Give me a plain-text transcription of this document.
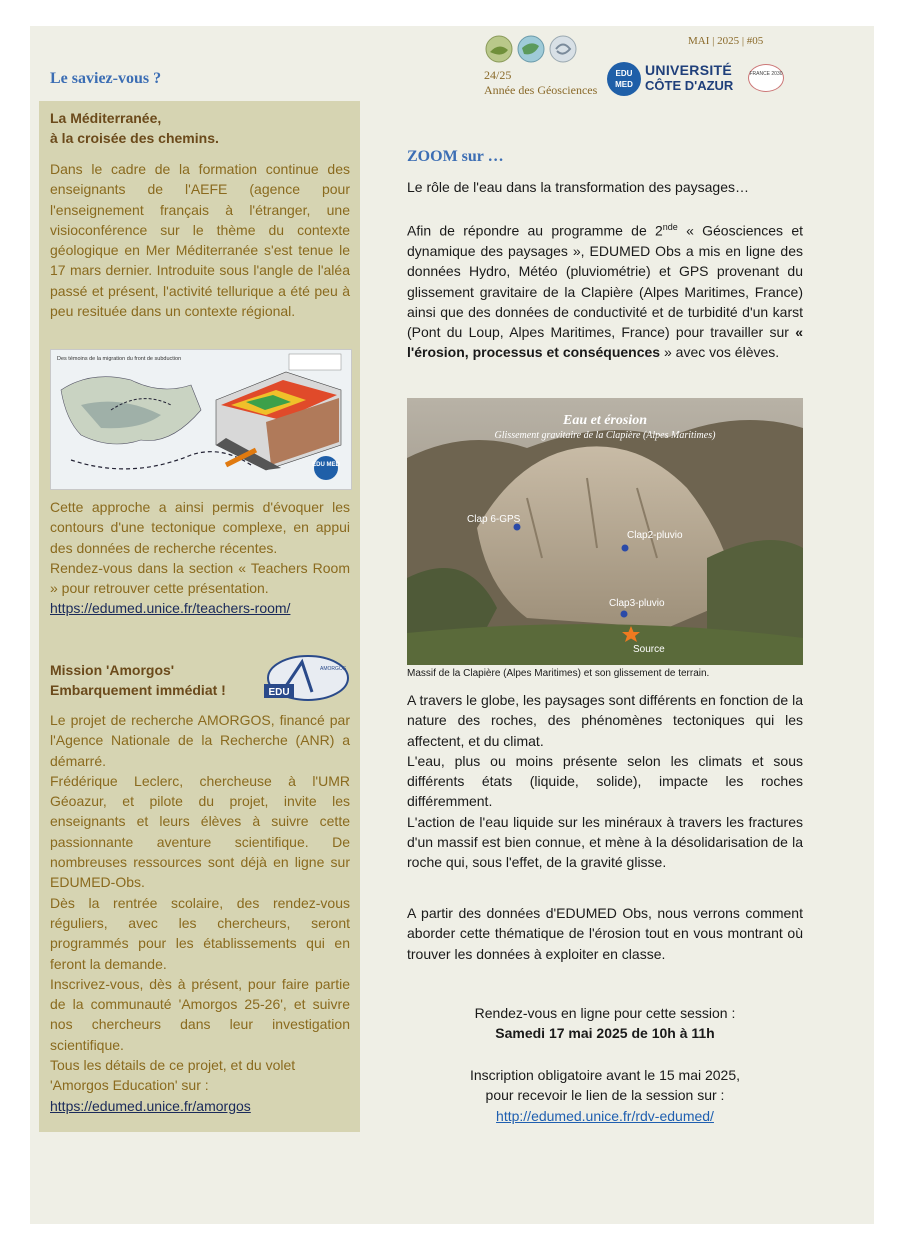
24/25
Année des Géosciences
MAI | 2025 | #05
EDU MED
UNIVERSITÉ
CÔTE D'AZUR
FRANCE 2030
Le saviez-vous ?
La Méditerranée,
à la croisée des chemins.
Dans le cadre de la formation continue des enseignants de l'AEFE (agence pour l'enseignement français à l'étranger, une visioconférence sur le thème du contexte géologique en Mer Méditerranée s'est tenue le 17 mars dernier. Introduite sous l'angle de l'aléa passé et présent, l'activité tellurique a été peu à peu resituée dans un contexte régional.
Des témoins de la migration du front de subduction
EDU MED
Cette approche a ainsi permis d'évoquer les contours d'une tectonique complexe, en appui des données de recherche récentes.
Rendez-vous dans la section « Teachers Room » pour retrouver cette présentation.
https://edumed.unice.fr/teachers-room/
Mission 'Amorgos'
Embarquement immédiat !
AMORGOS
EDU
Le projet de recherche AMORGOS, financé par l'Agence Nationale de la Recherche (ANR) a démarré.
Frédérique Leclerc, chercheuse à l'UMR Géoazur, et pilote du projet, invite les enseignants et leurs élèves à suivre cette passionnante aventure scientifique. De nombreuses ressources sont déjà en ligne sur EDUMED-Obs.
Dès la rentrée scolaire, des rendez-vous réguliers, avec les chercheurs, seront programmés pour les établissements qui en feront la demande.
Inscrivez-vous, dès à présent, pour faire partie de la communauté 'Amorgos 25-26', et suivre nos chercheurs dans leur investigation scientifique.
Tous les détails de ce projet, et du volet 'Amorgos Education' sur :
https://edumed.unice.fr/amorgos
ZOOM sur …
Le rôle de l'eau dans la transformation des paysages…
Afin de répondre au programme de 2nde « Géosciences et dynamique des paysages », EDUMED Obs a mis en ligne des données Hydro, Météo (pluviométrie) et GPS provenant du glissement gravitaire de la Clapière (Alpes Maritimes, France) ainsi que des données de conductivité et de turbidité d'un karst (Pont du Loup, Alpes Maritimes, France) pour travailler sur « l'érosion, processus et conséquences » avec vos élèves.
Eau et érosion
Glissement gravitaire de la Clapière (Alpes Maritimes)
Clap 6-GPS
Clap2-pluvio
Clap3-pluvio
Source
Massif de la Clapière (Alpes Maritimes) et son glissement de terrain.
A travers le globe, les paysages sont différents en fonction de la nature des roches, des phénomènes tectoniques qui les affectent, et du climat.
L'eau, plus ou moins présente selon les climats et sous différents états (liquide, solide), impacte les roches différemment.
L'action de l'eau liquide sur les minéraux à travers les fractures d'un massif est bien connue, et mène à la désolidarisation de la roche qui, sous l'effet, de la gravité glisse.
A partir des données d'EDUMED Obs, nous verrons comment aborder cette thématique de l'érosion tout en vous montrant où trouver les données à exploiter en classe.
Rendez-vous en ligne pour cette session :
Samedi 17 mai 2025 de 10h à 11h
Inscription obligatoire avant le 15 mai 2025,
pour recevoir le lien de la session sur :
http://edumed.unice.fr/rdv-edumed/
